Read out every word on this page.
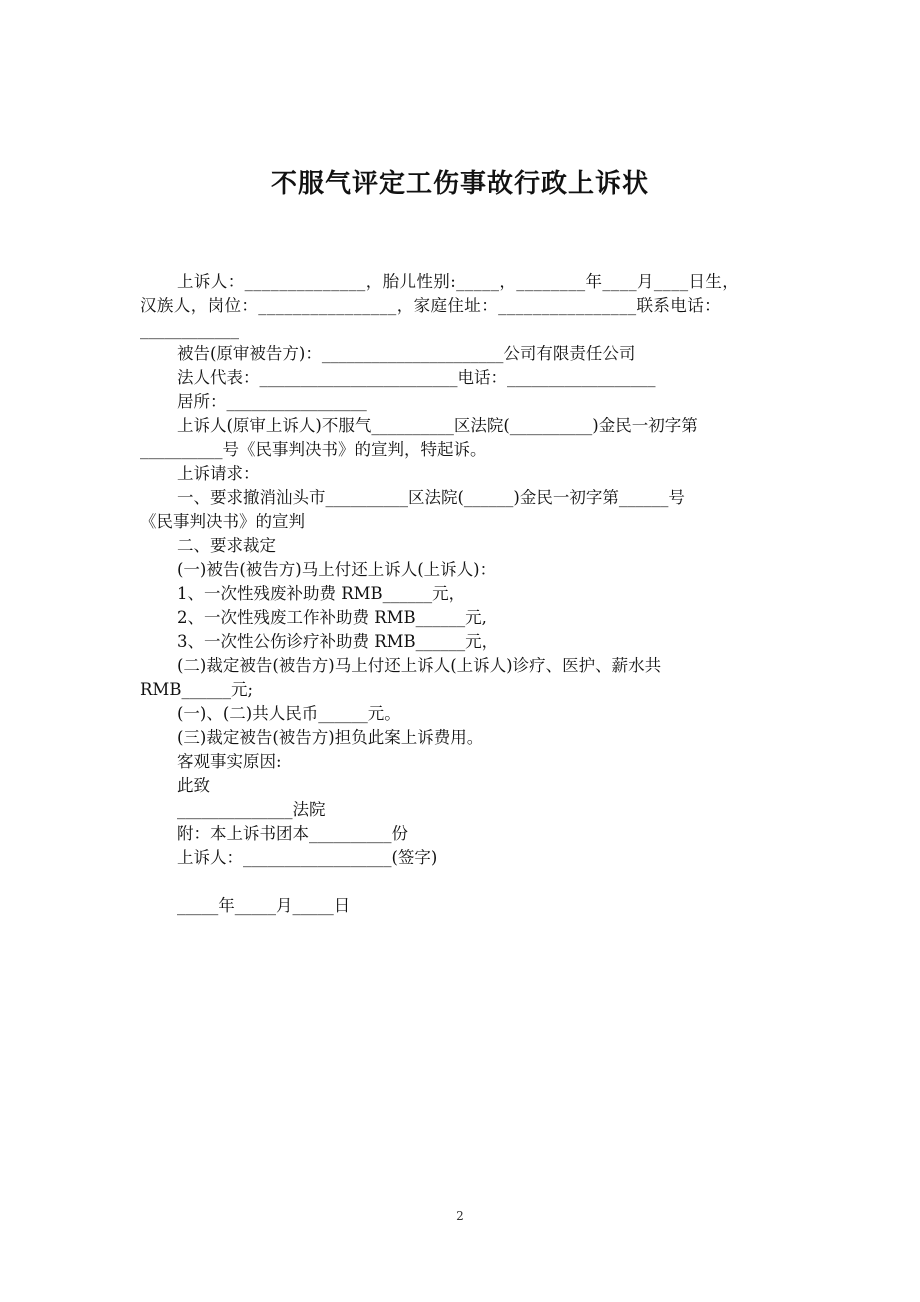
不服气评定工伤事故行政上诉状
上诉人：______________，胎儿性别:_____，________年____月____日生，
汉族人，岗位：________________，家庭住址：________________联系电话：
____________
被告(原审被告方)：______________________公司有限责任公司
法人代表：________________________电话：__________________
居所：_________________
上诉人(原审上诉人)不服气__________区法院(__________)金民一初字第
__________号《民事判决书》的宣判，特起诉。
上诉请求：
一、要求撤消汕头市__________区法院(______)金民一初字第______号
《民事判决书》的宣判
二、要求裁定
(一)被告(被告方)马上付还上诉人(上诉人)：
1、一次性残废补助费 RMB______元，
2、一次性残废工作补助费 RMB______元,
3、一次性公伤诊疗补助费 RMB______元，
(二)裁定被告(被告方)马上付还上诉人(上诉人)诊疗、医护、薪水共
RMB______元;
(一)、(二)共人民币______元。
(三)裁定被告(被告方)担负此案上诉费用。
客观事实原因:
此致
______________法院
附：本上诉书团本__________份
上诉人：__________________(签字)
_____年_____月_____日
2
